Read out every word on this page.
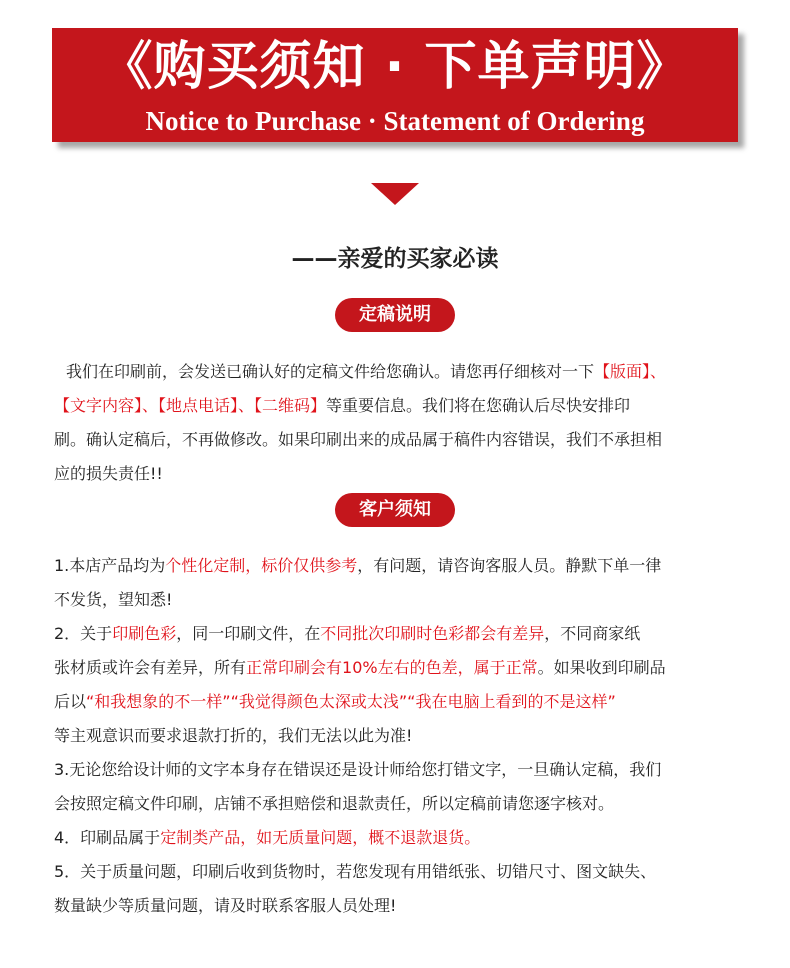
《购买须知 · 下单声明》
Notice to Purchase · Statement of Ordering
——亲爱的买家必读
定稿说明
我们在印刷前，会发送已确认好的定稿文件给您确认。请您再仔细核对一下【版面】、
【文字内容】、【地点电话】、【二维码】等重要信息。我们将在您确认后尽快安排印
刷。确认定稿后，不再做修改。如果印刷出来的成品属于稿件内容错误，我们不承担相
应的损失责任!!
客户须知
1.本店产品均为个性化定制，标价仅供参考，有问题，请咨询客服人员。静默下单一律
不发货，望知悉!
2．关于印刷色彩，同一印刷文件，在不同批次印刷时色彩都会有差异，不同商家纸
张材质或许会有差异，所有正常印刷会有10%左右的色差，属于正常。如果收到印刷品
后以“和我想象的不一样”“我觉得颜色太深或太浅”“我在电脑上看到的不是这样”
等主观意识而要求退款打折的，我们无法以此为准!
3.无论您给设计师的文字本身存在错误还是设计师给您打错文字，一旦确认定稿，我们
会按照定稿文件印刷，店铺不承担赔偿和退款责任，所以定稿前请您逐字核对。
4．印刷品属于定制类产品，如无质量问题，概不退款退货。
5．关于质量问题，印刷后收到货物时，若您发现有用错纸张、切错尺寸、图文缺失、
数量缺少等质量问题，请及时联系客服人员处理!
